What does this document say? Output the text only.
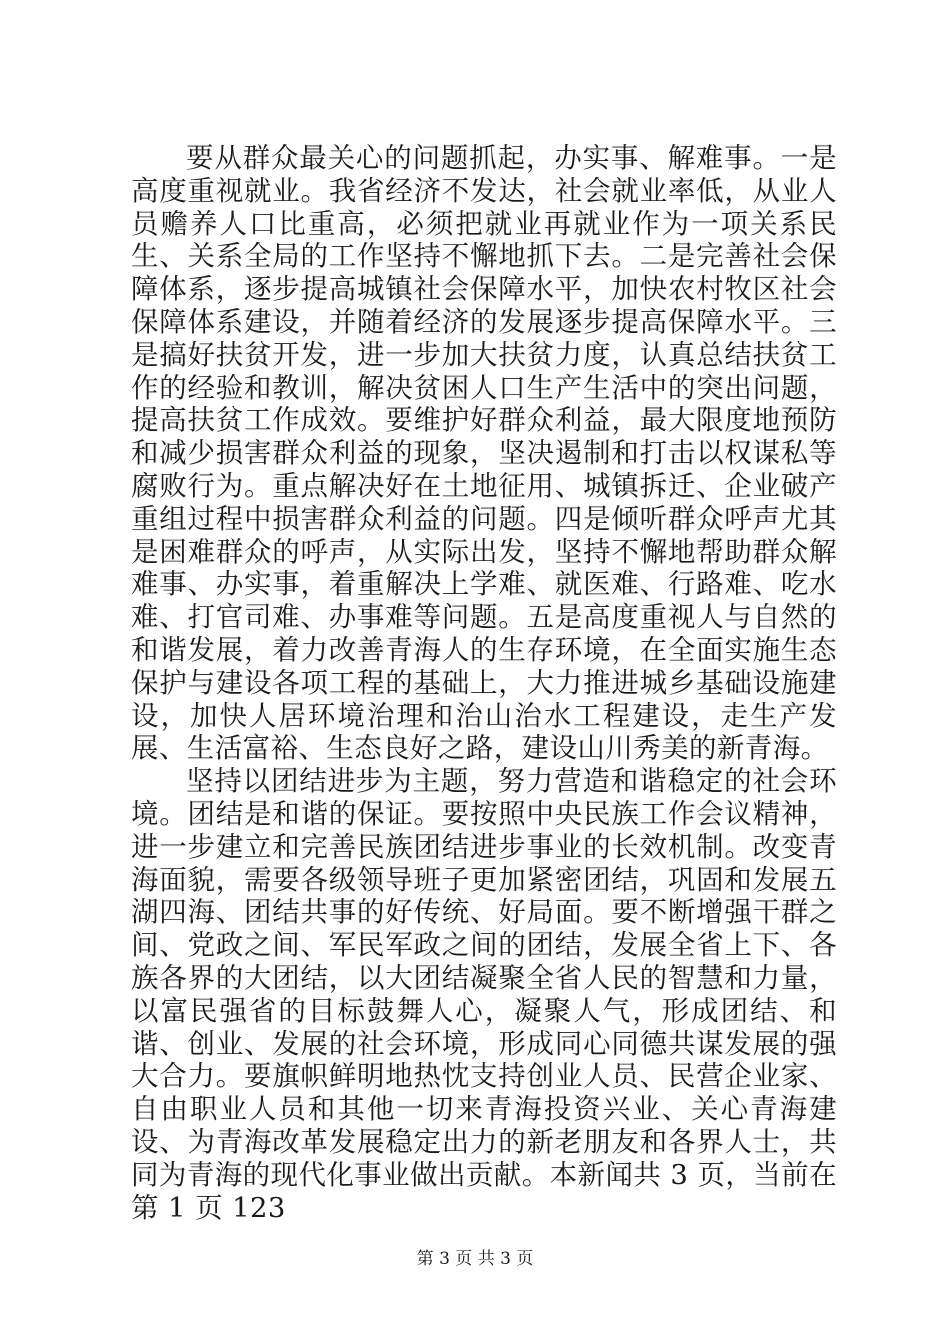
要从群众最关心的问题抓起，办实事、解难事。一是高度重视就业。我省经济不发达，社会就业率低，从业人员赡养人口比重高，必须把就业再就业作为一项关系民生、关系全局的工作坚持不懈地抓下去。二是完善社会保障体系，逐步提高城镇社会保障水平，加快农村牧区社会保障体系建设，并随着经济的发展逐步提高保障水平。三是搞好扶贫开发，进一步加大扶贫力度，认真总结扶贫工作的经验和教训，解决贫困人口生产生活中的突出问题，提高扶贫工作成效。要维护好群众利益，最大限度地预防和减少损害群众利益的现象，坚决遏制和打击以权谋私等腐败行为。重点解决好在土地征用、城镇拆迁、企业破产重组过程中损害群众利益的问题。四是倾听群众呼声尤其是困难群众的呼声，从实际出发，坚持不懈地帮助群众解难事、办实事，着重解决上学难、就医难、行路难、吃水难、打官司难、办事难等问题。五是高度重视人与自然的和谐发展，着力改善青海人的生存环境，在全面实施生态保护与建设各项工程的基础上，大力推进城乡基础设施建设，加快人居环境治理和治山治水工程建设，走生产发展、生活富裕、生态良好之路，建设山川秀美的新青海。

坚持以团结进步为主题，努力营造和谐稳定的社会环境。团结是和谐的保证。要按照中央民族工作会议精神，进一步建立和完善民族团结进步事业的长效机制。改变青海面貌，需要各级领导班子更加紧密团结，巩固和发展五湖四海、团结共事的好传统、好局面。要不断增强干群之间、党政之间、军民军政之间的团结，发展全省上下、各族各界的大团结，以大团结凝聚全省人民的智慧和力量，以富民强省的目标鼓舞人心，凝聚人气，形成团结、和谐、创业、发展的社会环境，形成同心同德共谋发展的强大合力。要旗帜鲜明地热忱支持创业人员、民营企业家、自由职业人员和其他一切来青海投资兴业、关心青海建设、为青海改革发展稳定出力的新老朋友和各界人士，共同为青海的现代化事业做出贡献。本新闻共 3 页，当前在第 1 页 123

第 3 页 共 3 页
